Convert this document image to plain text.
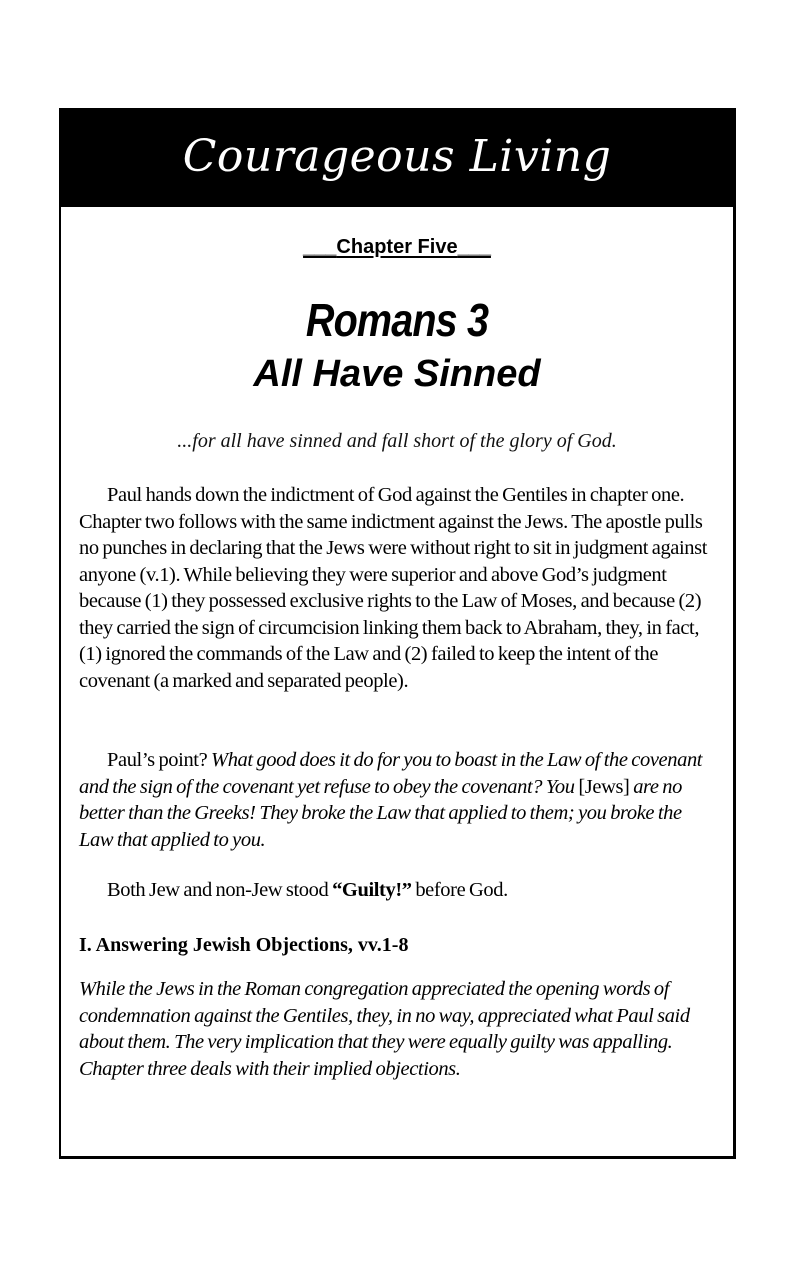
Courageous Living
___Chapter Five___
Romans 3
All Have Sinned
...for all have sinned and fall short of the glory of God.

Paul hands down the indictment of God against the Gentiles in chapter one. Chapter two follows with the same indictment against the Jews. The apostle pulls no punches in declaring that the Jews were without right to sit in judgment against anyone (v.1). While believing they were superior and above God’s judgment because (1) they possessed exclusive rights to the Law of Moses, and because (2) they carried the sign of circumcision linking them back to Abraham, they, in fact, (1) ignored the commands of the Law and (2) failed to keep the intent of the covenant (a marked and separated people).

Paul’s point? What good does it do for you to boast in the Law of the covenant and the sign of the covenant yet refuse to obey the covenant? You [Jews] are no better than the Greeks! They broke the Law that applied to them; you broke the Law that applied to you.

Both Jew and non-Jew stood “Guilty!” before God.

I. Answering Jewish Objections, vv.1-8

While the Jews in the Roman congregation appreciated the opening words of condemnation against the Gentiles, they, in no way, appreciated what Paul said about them. The very implication that they were equally guilty was appalling. Chapter three deals with their implied objections.
